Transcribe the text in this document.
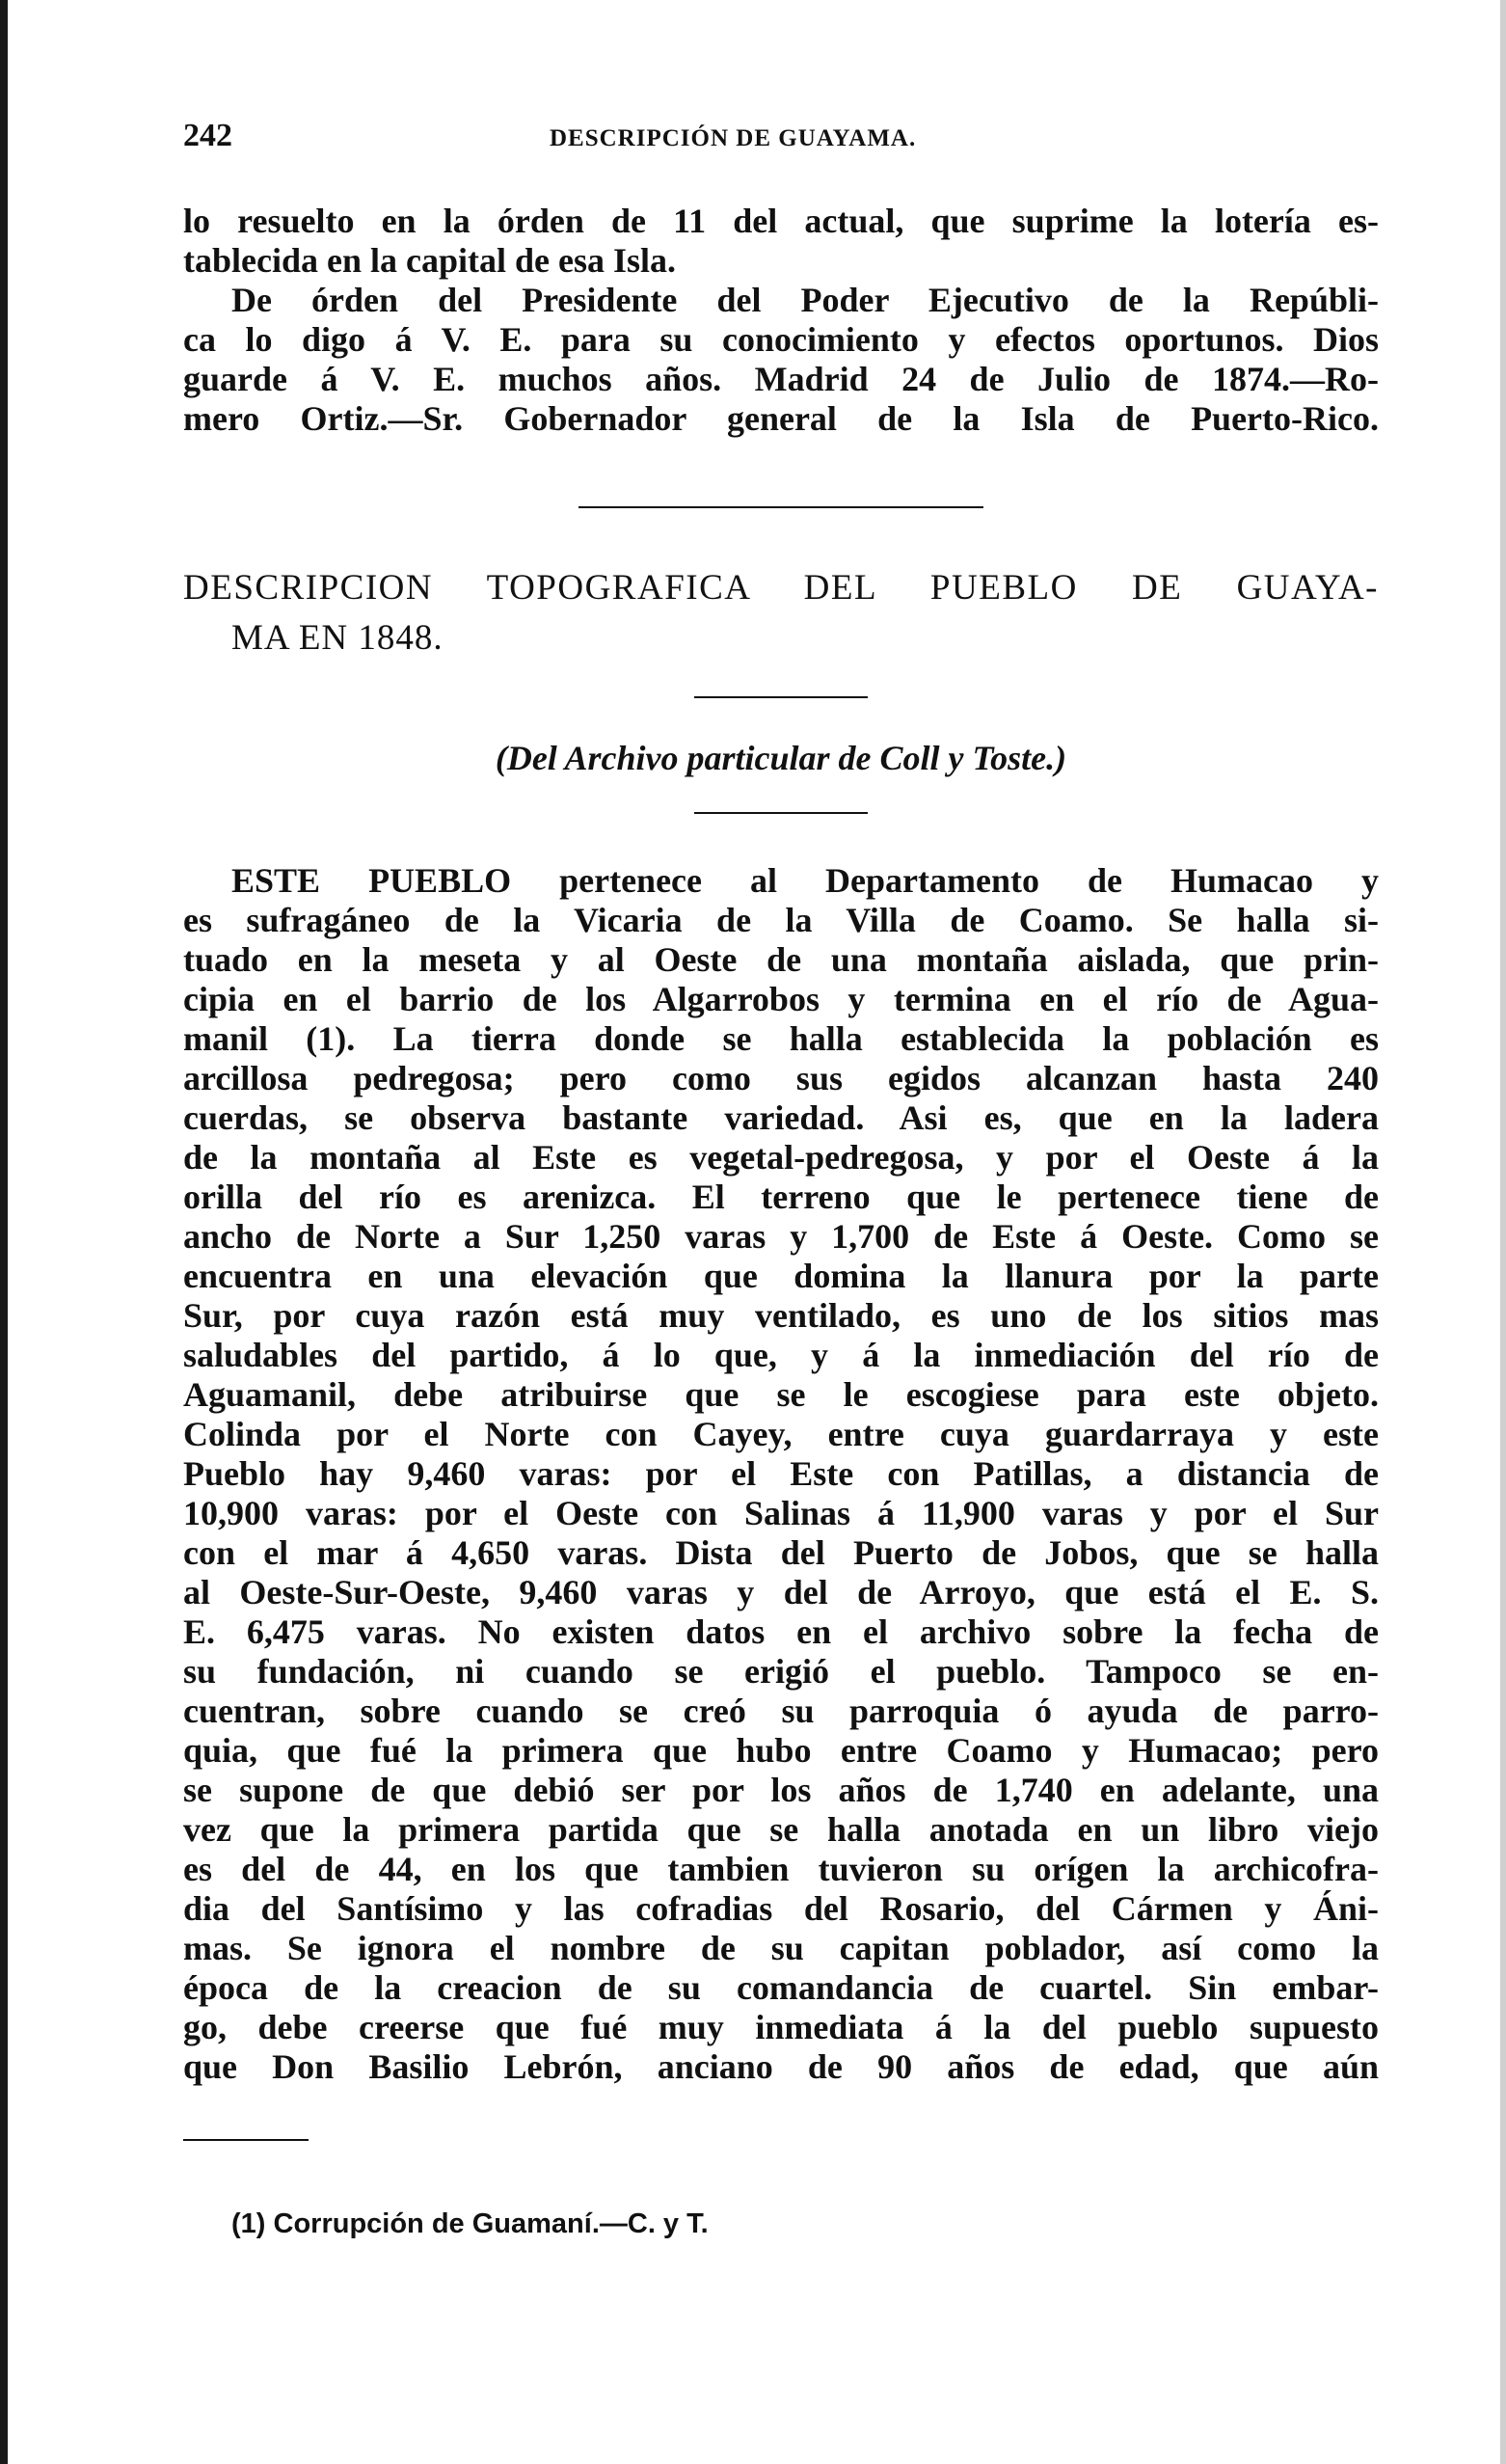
242	DESCRIPCIÓN DE GUAYAMA.
lo resuelto en la órden de 11 del actual, que suprime la lotería es-
tablecida en la capital de esa Isla.
De órden del Presidente del Poder Ejecutivo de la Repúbli-
ca lo digo á V. E. para su conocimiento y efectos oportunos. Dios
guarde á V. E. muchos años. Madrid 24 de Julio de 1874.—Ro-
mero Ortiz.—Sr. Gobernador general de la Isla de Puerto-Rico.
DESCRIPCION TOPOGRAFICA DEL PUEBLO DE GUAYA-
MA EN 1848.
(Del Archivo particular de Coll y Toste.)
ESTE PUEBLO pertenece al Departamento de Humacao y
es sufragáneo de la Vicaria de la Villa de Coamo. Se halla si-
tuado en la meseta y al Oeste de una montaña aislada, que prin-
cipia en el barrio de los Algarrobos y termina en el río de Agua-
manil (1). La tierra donde se halla establecida la población es
arcillosa pedregosa; pero como sus egidos alcanzan hasta 240
cuerdas, se observa bastante variedad. Asi es, que en la ladera
de la montaña al Este es vegetal-pedregosa, y por el Oeste á la
orilla del río es arenizca. El terreno que le pertenece tiene de
ancho de Norte a Sur 1,250 varas y 1,700 de Este á Oeste. Como se
encuentra en una elevación que domina la llanura por la parte
Sur, por cuya razón está muy ventilado, es uno de los sitios mas
saludables del partido, á lo que, y á la inmediación del río de
Aguamanil, debe atribuirse que se le escogiese para este objeto.
Colinda por el Norte con Cayey, entre cuya guardarraya y este
Pueblo hay 9,460 varas: por el Este con Patillas, a distancia de
10,900 varas: por el Oeste con Salinas á 11,900 varas y por el Sur
con el mar á 4,650 varas. Dista del Puerto de Jobos, que se halla
al Oeste-Sur-Oeste, 9,460 varas y del de Arroyo, que está el E. S.
E. 6,475 varas. No existen datos en el archivo sobre la fecha de
su fundación, ni cuando se erigió el pueblo. Tampoco se en-
cuentran, sobre cuando se creó su parroquia ó ayuda de parro-
quia, que fué la primera que hubo entre Coamo y Humacao; pero
se supone de que debió ser por los años de 1,740 en adelante, una
vez que la primera partida que se halla anotada en un libro viejo
es del de 44, en los que tambien tuvieron su orígen la archicofra-
dia del Santísimo y las cofradias del Rosario, del Cármen y Áni-
mas. Se ignora el nombre de su capitan poblador, así como la
época de la creacion de su comandancia de cuartel. Sin embar-
go, debe creerse que fué muy inmediata á la del pueblo supuesto
que Don Basilio Lebrón, anciano de 90 años de edad, que aún
(1) Corrupción de Guamaní.—C. y T.
